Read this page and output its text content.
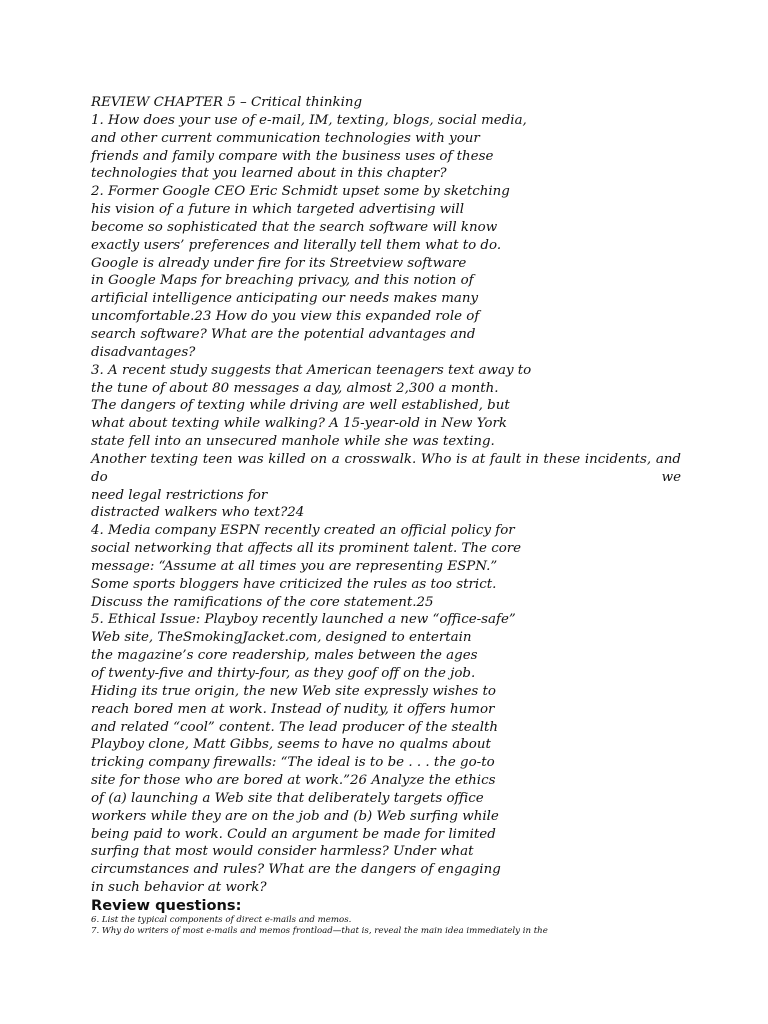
REVIEW CHAPTER 5 – Critical thinking
1. How does your use of e-mail, IM, texting, blogs, social media,
and other current communication technologies with your
friends and family compare with the business uses of these
technologies that you learned about in this chapter?
2. Former Google CEO Eric Schmidt upset some by sketching
his vision of a future in which targeted advertising will
become so sophisticated that the search software will know
exactly users’ preferences and literally tell them what to do.
Google is already under fire for its Streetview software
in Google Maps for breaching privacy, and this notion of
artificial intelligence anticipating our needs makes many
uncomfortable.23 How do you view this expanded role of
search software? What are the potential advantages and
disadvantages?
3. A recent study suggests that American teenagers text away to
the tune of about 80 messages a day, almost 2,300 a month.
The dangers of texting while driving are well established, but
what about texting while walking? A 15-year-old in New York
state fell into an unsecured manhole while she was texting.
Another texting teen was killed on a crosswalk. Who is at fault in these incidents, and do we
need legal restrictions for
distracted walkers who text?24
4. Media company ESPN recently created an official policy for
social networking that affects all its prominent talent. The core
message: “Assume at all times you are representing ESPN.”
Some sports bloggers have criticized the rules as too strict.
Discuss the ramifications of the core statement.25
5. Ethical Issue: Playboy recently launched a new “office-safe”
Web site, TheSmokingJacket.com, designed to entertain
the magazine’s core readership, males between the ages
of twenty-five and thirty-four, as they goof off on the job.
Hiding its true origin, the new Web site expressly wishes to
reach bored men at work. Instead of nudity, it offers humor
and related “cool” content. The lead producer of the stealth
Playboy clone, Matt Gibbs, seems to have no qualms about
tricking company firewalls: “The ideal is to be . . . the go-to
site for those who are bored at work.”26 Analyze the ethics
of (a) launching a Web site that deliberately targets office
workers while they are on the job and (b) Web surfing while
being paid to work. Could an argument be made for limited
surfing that most would consider harmless? Under what
circumstances and rules? What are the dangers of engaging
in such behavior at work?
Review questions:
6. List the typical components of direct e-mails and memos.
7. Why do writers of most e-mails and memos frontload—that is, reveal the main idea immediately in the
